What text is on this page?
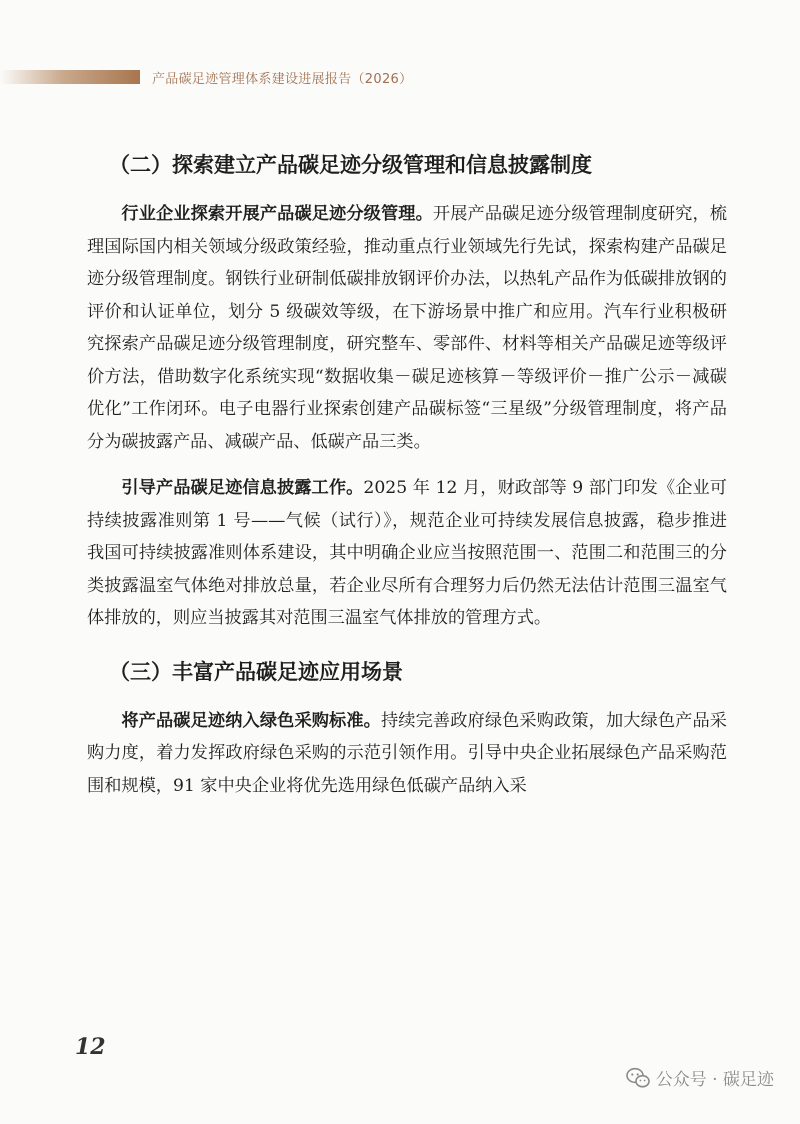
产品碳足迹管理体系建设进展报告（2026）
（二）探索建立产品碳足迹分级管理和信息披露制度

行业企业探索开展产品碳足迹分级管理。开展产品碳足迹分级管理制度研究，梳理国际国内相关领域分级政策经验，推动重点行业领域先行先试，探索构建产品碳足迹分级管理制度。钢铁行业研制低碳排放钢评价办法，以热轧产品作为低碳排放钢的评价和认证单位，划分 5 级碳效等级，在下游场景中推广和应用。汽车行业积极研究探索产品碳足迹分级管理制度，研究整车、零部件、材料等相关产品碳足迹等级评价方法，借助数字化系统实现“数据收集－碳足迹核算－等级评价－推广公示－减碳优化”工作闭环。电子电器行业探索创建产品碳标签“三星级”分级管理制度，将产品分为碳披露产品、减碳产品、低碳产品三类。

引导产品碳足迹信息披露工作。2025 年 12 月，财政部等 9 部门印发《企业可持续披露准则第 1 号——气候（试行）》，规范企业可持续发展信息披露，稳步推进我国可持续披露准则体系建设，其中明确企业应当按照范围一、范围二和范围三的分类披露温室气体绝对排放总量，若企业尽所有合理努力后仍然无法估计范围三温室气体排放的，则应当披露其对范围三温室气体排放的管理方式。

（三）丰富产品碳足迹应用场景

将产品碳足迹纳入绿色采购标准。持续完善政府绿色采购政策，加大绿色产品采购力度，着力发挥政府绿色采购的示范引领作用。引导中央企业拓展绿色产品采购范围和规模，91 家中央企业将优先选用绿色低碳产品纳入采

12
公众号 · 碳足迹
